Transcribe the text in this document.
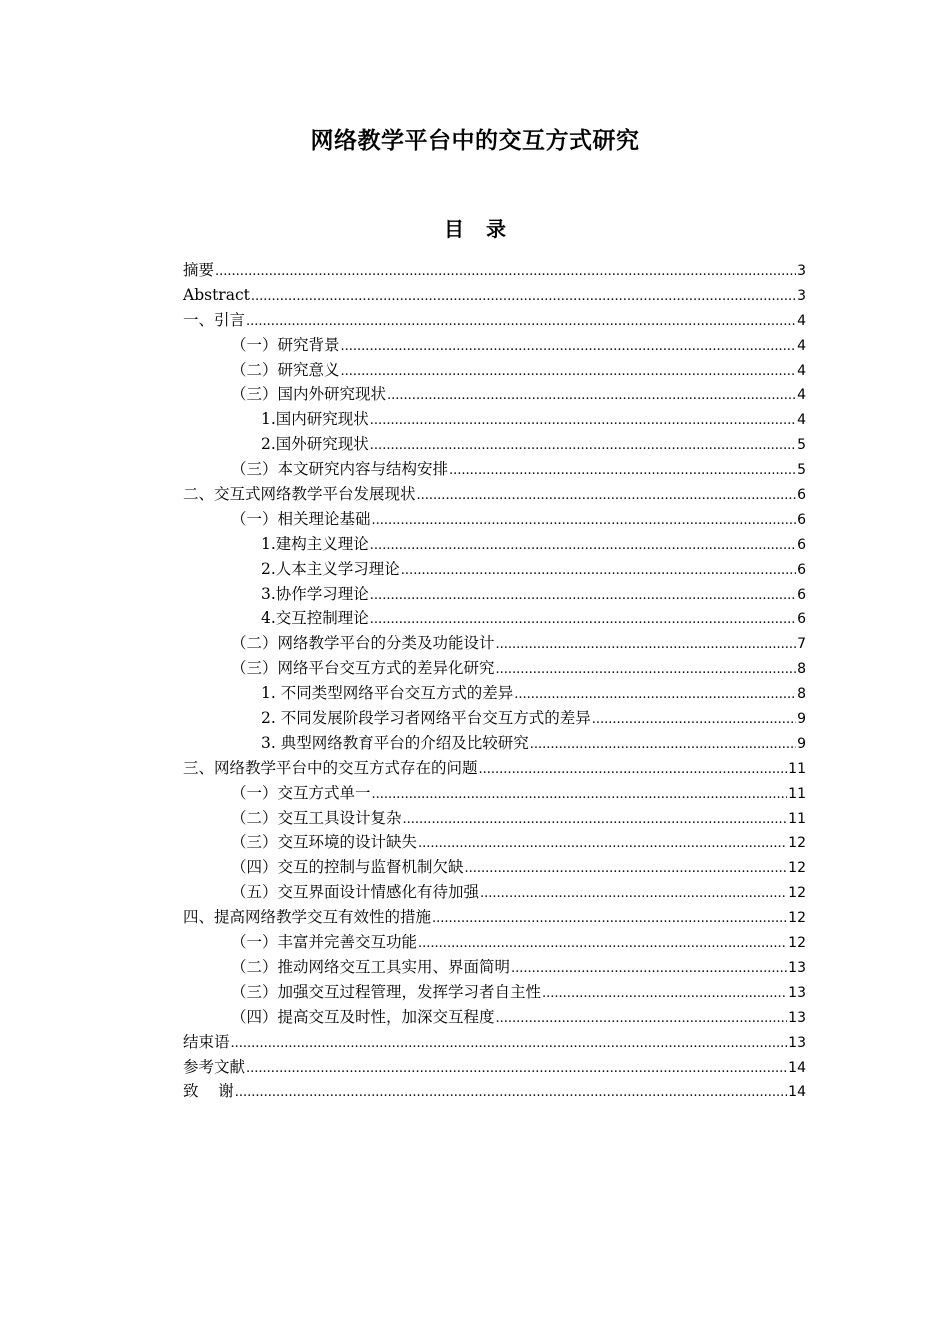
网络教学平台中的交互方式研究
目 录
摘要 .....	3
Abstract .....	3
一、引言 .....	4
（一）研究背景 .....	4
（二）研究意义 .....	4
（三）国内外研究现状 .....	4
1.国内研究现状 .....	4
2.国外研究现状 .....	5
（三）本文研究内容与结构安排 .....	5
二、交互式网络教学平台发展现状 .....	6
（一）相关理论基础 .....	6
1.建构主义理论 .....	6
2.人本主义学习理论 .....	6
3.协作学习理论 .....	6
4.交互控制理论 .....	6
（二）网络教学平台的分类及功能设计 .....	7
（三）网络平台交互方式的差异化研究 .....	8
1. 不同类型网络平台交互方式的差异 .....	8
2. 不同发展阶段学习者网络平台交互方式的差异 .....	9
3. 典型网络教育平台的介绍及比较研究 .....	9
三、网络教学平台中的交互方式存在的问题 .....	11
（一）交互方式单一 .....	11
（二）交互工具设计复杂 .....	11
（三）交互环境的设计缺失 .....	12
（四）交互的控制与监督机制欠缺 .....	12
（五）交互界面设计情感化有待加强 .....	12
四、提高网络教学交互有效性的措施 .....	12
（一）丰富并完善交互功能 .....	12
（二）推动网络交互工具实用、界面简明 .....	13
（三）加强交互过程管理，发挥学习者自主性 .....	13
（四）提高交互及时性，加深交互程度 .....	13
结束语 .....	13
参考文献 .....	14
致    谢 .....	14
